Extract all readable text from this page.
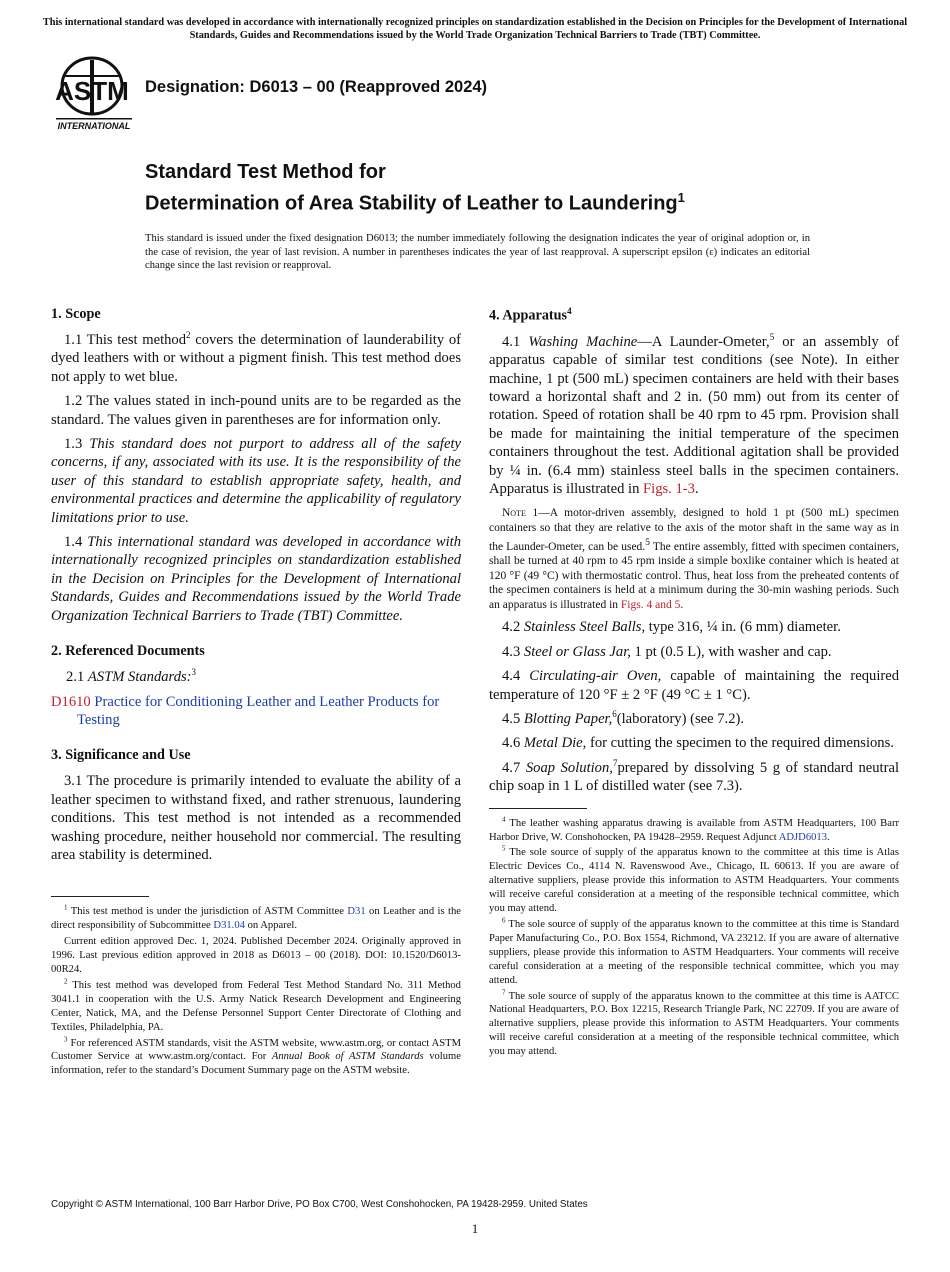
This international standard was developed in accordance with internationally recognized principles on standardization established in the Decision on Principles for the Development of International Standards, Guides and Recommendations issued by the World Trade Organization Technical Barriers to Trade (TBT) Committee.
ASTM
INTERNATIONAL
Designation: D6013 – 00 (Reapproved 2024)
Standard Test Method for
Determination of Area Stability of Leather to Laundering$^1$
This standard is issued under the fixed designation D6013; the number immediately following the designation indicates the year of original adoption or, in the case of revision, the year of last revision. A number in parentheses indicates the year of last reapproval. A superscript epsilon (ε) indicates an editorial change since the last revision or reapproval.
1. Scope
1.1 This test method$^2$ covers the determination of launderability of dyed leathers with or without a pigment finish. This test method does not apply to wet blue.
1.2 The values stated in inch-pound units are to be regarded as the standard. The values given in parentheses are for information only.
1.3 This standard does not purport to address all of the safety concerns, if any, associated with its use. It is the responsibility of the user of this standard to establish appropriate safety, health, and environmental practices and determine the applicability of regulatory limitations prior to use.
1.4 This international standard was developed in accordance with internationally recognized principles on standardization established in the Decision on Principles for the Development of International Standards, Guides and Recommendations issued by the World Trade Organization Technical Barriers to Trade (TBT) Committee.
2. Referenced Documents
2.1 ASTM Standards:$^3$
D1610 Practice for Conditioning Leather and Leather Products for Testing
3. Significance and Use
3.1 The procedure is primarily intended to evaluate the ability of a leather specimen to withstand fixed, and rather strenuous, laundering conditions. This test method is not intended as a recommended washing procedure, neither household nor commercial. The resulting area stability is determined.
$^1$ This test method is under the jurisdiction of ASTM Committee D31 on Leather and is the direct responsibility of Subcommittee D31.04 on Apparel.
Current edition approved Dec. 1, 2024. Published December 2024. Originally approved in 1996. Last previous edition approved in 2018 as D6013 – 00 (2018). DOI: 10.1520/D6013-00R24.
$^2$ This test method was developed from Federal Test Method Standard No. 311 Method 3041.1 in cooperation with the U.S. Army Natick Research Development and Engineering Center, Natick, MA, and the Defense Personnel Support Center Directorate of Clothing and Textiles, Philadelphia, PA.
$^3$ For referenced ASTM standards, visit the ASTM website, www.astm.org, or contact ASTM Customer Service at www.astm.org/contact. For Annual Book of ASTM Standards volume information, refer to the standard’s Document Summary page on the ASTM website.
4. Apparatus$^4$
4.1 Washing Machine—A Launder-Ometer,$^5$ or an assembly of apparatus capable of similar test conditions (see Note). In either machine, 1 pt (500 mL) specimen containers are held with their bases toward a horizontal shaft and 2 in. (50 mm) out from its center of rotation. Speed of rotation shall be 40 rpm to 45 rpm. Provision shall be made for maintaining the initial temperature of the specimen containers throughout the test. Additional agitation shall be provided by ¼ in. (6.4 mm) stainless steel balls in the specimen containers. Apparatus is illustrated in Figs. 1-3.
Note 1—A motor-driven assembly, designed to hold 1 pt (500 mL) specimen containers so that they are relative to the axis of the motor shaft in the same way as in the Launder-Ometer, can be used.$^5$ The entire assembly, fitted with specimen containers, shall be turned at 40 rpm to 45 rpm inside a simple boxlike container which is heated at 120 °F (49 °C) with thermostatic control. Thus, heat loss from the preheated contents of the specimen containers is held at a minimum during the 30-min washing periods. Such an apparatus is illustrated in Figs. 4 and 5.
4.2 Stainless Steel Balls, type 316, ¼ in. (6 mm) diameter.
4.3 Steel or Glass Jar, 1 pt (0.5 L), with washer and cap.
4.4 Circulating-air Oven, capable of maintaining the required temperature of 120 °F ± 2 °F (49 °C ± 1 °C).
4.5 Blotting Paper,$^6$(laboratory) (see 7.2).
4.6 Metal Die, for cutting the specimen to the required dimensions.
4.7 Soap Solution,$^7$prepared by dissolving 5 g of standard neutral chip soap in 1 L of distilled water (see 7.3).
$^4$ The leather washing apparatus drawing is available from ASTM Headquarters, 100 Barr Harbor Drive, W. Conshohocken, PA 19428–2959. Request Adjunct ADJD6013.
$^5$ The sole source of supply of the apparatus known to the committee at this time is Atlas Electric Devices Co., 4114 N. Ravenswood Ave., Chicago, IL 60613. If you are aware of alternative suppliers, please provide this information to ASTM Headquarters. Your comments will receive careful consideration at a meeting of the responsible technical committee, which you may attend.
$^6$ The sole source of supply of the apparatus known to the committee at this time is Standard Paper Manufacturing Co., P.O. Box 1554, Richmond, VA 23212. If you are aware of alternative suppliers, please provide this information to ASTM Headquarters. Your comments will receive careful consideration at a meeting of the responsible technical committee, which you may attend.
$^7$ The sole source of supply of the apparatus known to the committee at this time is AATCC National Headquarters, P.O. Box 12215, Research Triangle Park, NC 22709. If you are aware of alternative suppliers, please provide this information to ASTM Headquarters. Your comments will receive careful consideration at a meeting of the responsible technical committee, which you may attend.
Copyright © ASTM International, 100 Barr Harbor Drive, PO Box C700, West Conshohocken, PA 19428-2959. United States
1
